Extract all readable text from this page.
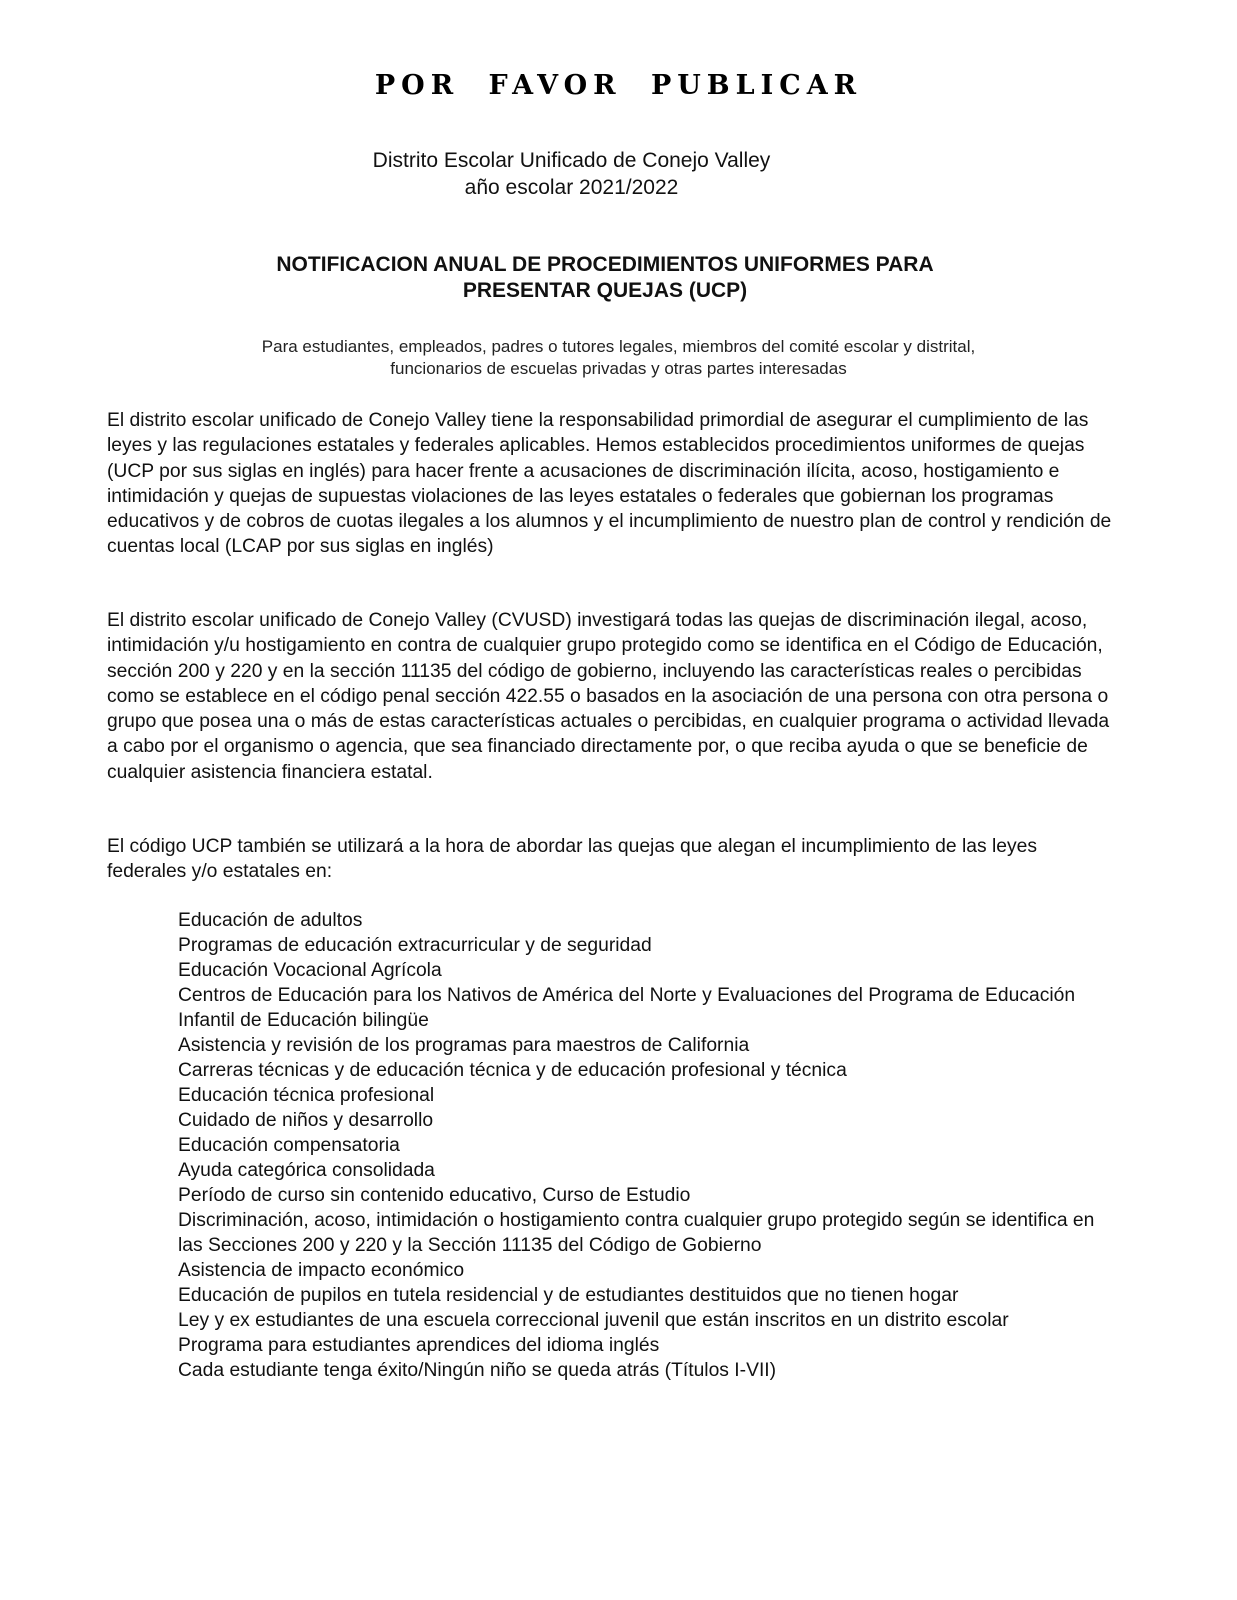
POR FAVOR PUBLICAR
Distrito Escolar Unificado de Conejo Valley
año escolar 2021/2022
NOTIFICACION ANUAL DE PROCEDIMIENTOS UNIFORMES PARA
PRESENTAR QUEJAS (UCP)
Para estudiantes, empleados, padres o tutores legales, miembros del comité escolar y distrital,
funcionarios de escuelas privadas y otras partes interesadas

El distrito escolar unificado de Conejo Valley tiene la responsabilidad primordial de asegurar el cumplimiento de las leyes y las regulaciones estatales y federales aplicables. Hemos establecidos procedimientos uniformes de quejas (UCP por sus siglas en inglés) para hacer frente a acusaciones de discriminación ilícita, acoso, hostigamiento e intimidación y quejas de supuestas violaciones de las leyes estatales o federales que gobiernan los programas educativos y de cobros de cuotas ilegales a los alumnos y el incumplimiento de nuestro plan de control y rendición de cuentas local (LCAP por sus siglas en inglés)

El distrito escolar unificado de Conejo Valley (CVUSD) investigará todas las quejas de discriminación ilegal, acoso, intimidación y/u hostigamiento en contra de cualquier grupo protegido como se identifica en el Código de Educación, sección 200 y 220 y en la sección 11135 del código de gobierno, incluyendo las características reales o percibidas como se establece en el código penal sección 422.55 o basados en la asociación de una persona con otra persona o grupo que posea una o más de estas características actuales o percibidas, en cualquier programa o actividad llevada a cabo por el organismo o agencia, que sea financiado directamente por, o que reciba ayuda o que se beneficie de cualquier asistencia financiera estatal.

El código UCP también se utilizará a la hora de abordar las quejas que alegan el incumplimiento de las leyes federales y/o estatales en:

Educación de adultos
Programas de educación extracurricular y de seguridad
Educación Vocacional Agrícola
Centros de Educación para los Nativos de América del Norte y Evaluaciones del Programa de Educación Infantil de Educación bilingüe
Asistencia y revisión de los programas para maestros de California
Carreras técnicas y de educación técnica y de educación profesional y técnica
Educación técnica profesional
Cuidado de niños y desarrollo
Educación compensatoria
Ayuda categórica consolidada
Período de curso sin contenido educativo, Curso de Estudio
Discriminación, acoso, intimidación o hostigamiento contra cualquier grupo protegido según se identifica en las Secciones 200 y 220 y la Sección 11135 del Código de Gobierno
Asistencia de impacto económico
Educación de pupilos en tutela residencial y de estudiantes destituidos que no tienen hogar
Ley y ex estudiantes de una escuela correccional juvenil que están inscritos en un distrito escolar
Programa para estudiantes aprendices del idioma inglés
Cada estudiante tenga éxito/Ningún niño se queda atrás (Títulos I-VII)
